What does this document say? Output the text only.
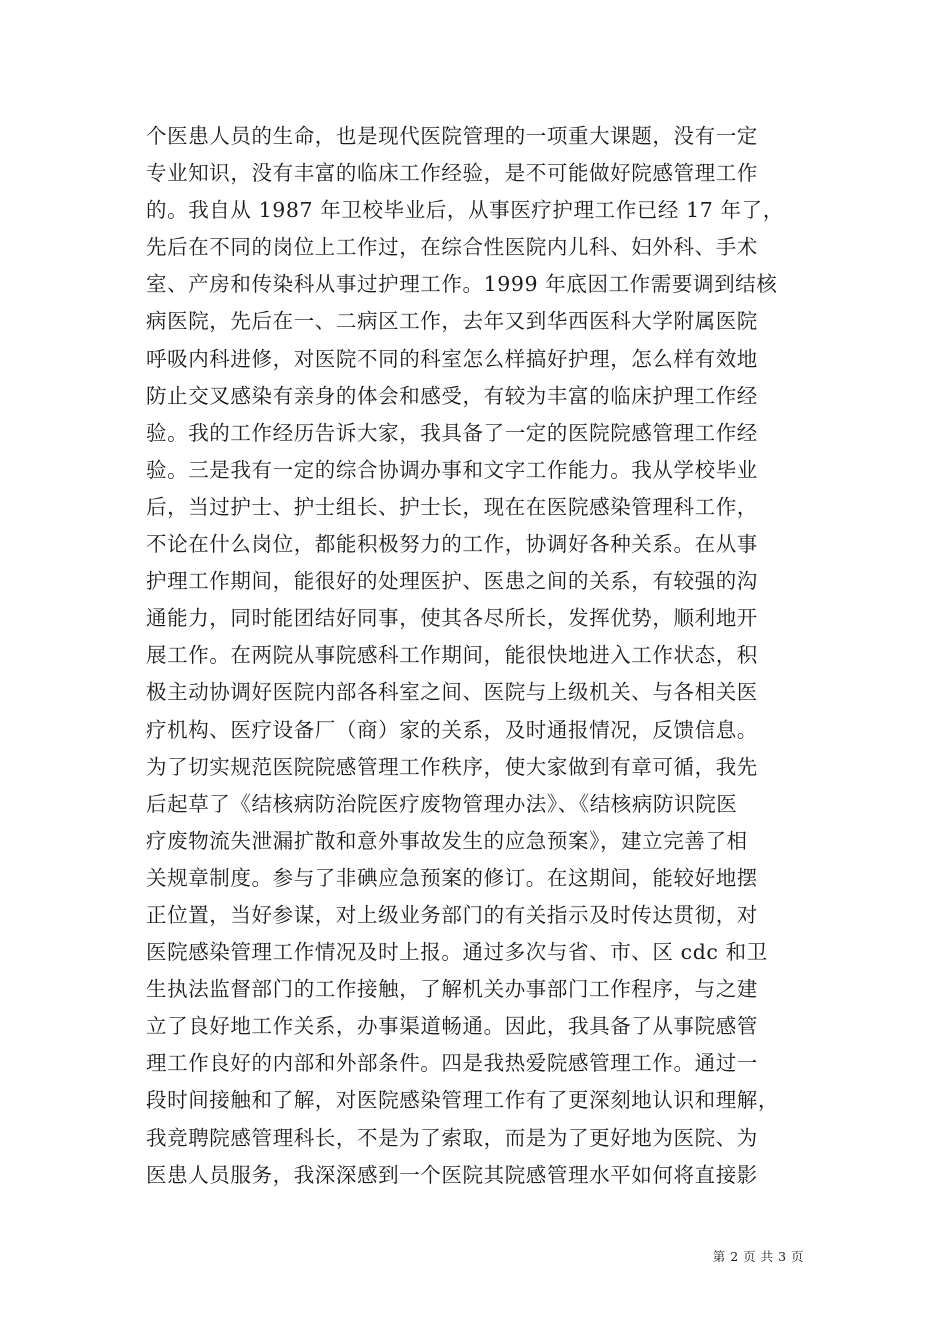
个医患人员的生命，也是现代医院管理的一项重大课题，没有一定
专业知识，没有丰富的临床工作经验，是不可能做好院感管理工作
的。我自从 1987 年卫校毕业后，从事医疗护理工作已经 17 年了，
先后在不同的岗位上工作过，在综合性医院内儿科、妇外科、手术
室、产房和传染科从事过护理工作。1999 年底因工作需要调到结核
病医院，先后在一、二病区工作，去年又到华西医科大学附属医院
呼吸内科进修，对医院不同的科室怎么样搞好护理，怎么样有效地
防止交叉感染有亲身的体会和感受，有较为丰富的临床护理工作经
验。我的工作经历告诉大家，我具备了一定的医院院感管理工作经
验。三是我有一定的综合协调办事和文字工作能力。我从学校毕业
后，当过护士、护士组长、护士长，现在在医院感染管理科工作，
不论在什么岗位，都能积极努力的工作，协调好各种关系。在从事
护理工作期间，能很好的处理医护、医患之间的关系，有较强的沟
通能力，同时能团结好同事，使其各尽所长，发挥优势，顺利地开
展工作。在两院从事院感科工作期间，能很快地进入工作状态，积
极主动协调好医院内部各科室之间、医院与上级机关、与各相关医
疗机构、医疗设备厂（商）家的关系，及时通报情况，反馈信息。
为了切实规范医院院感管理工作秩序，使大家做到有章可循，我先
后起草了《结核病防治院医疗废物管理办法》、《结核病防识院医
疗废物流失泄漏扩散和意外事故发生的应急预案》，建立完善了相
关规章制度。参与了非碘应急预案的修订。在这期间，能较好地摆
正位置，当好参谋，对上级业务部门的有关指示及时传达贯彻，对
医院感染管理工作情况及时上报。通过多次与省、市、区 cdc 和卫
生执法监督部门的工作接触，了解机关办事部门工作程序，与之建
立了良好地工作关系，办事渠道畅通。因此，我具备了从事院感管
理工作良好的内部和外部条件。四是我热爱院感管理工作。通过一
段时间接触和了解，对医院感染管理工作有了更深刻地认识和理解，
我竞聘院感管理科长，不是为了索取，而是为了更好地为医院、为
医患人员服务，我深深感到一个医院其院感管理水平如何将直接影
第 2 页 共 3 页
